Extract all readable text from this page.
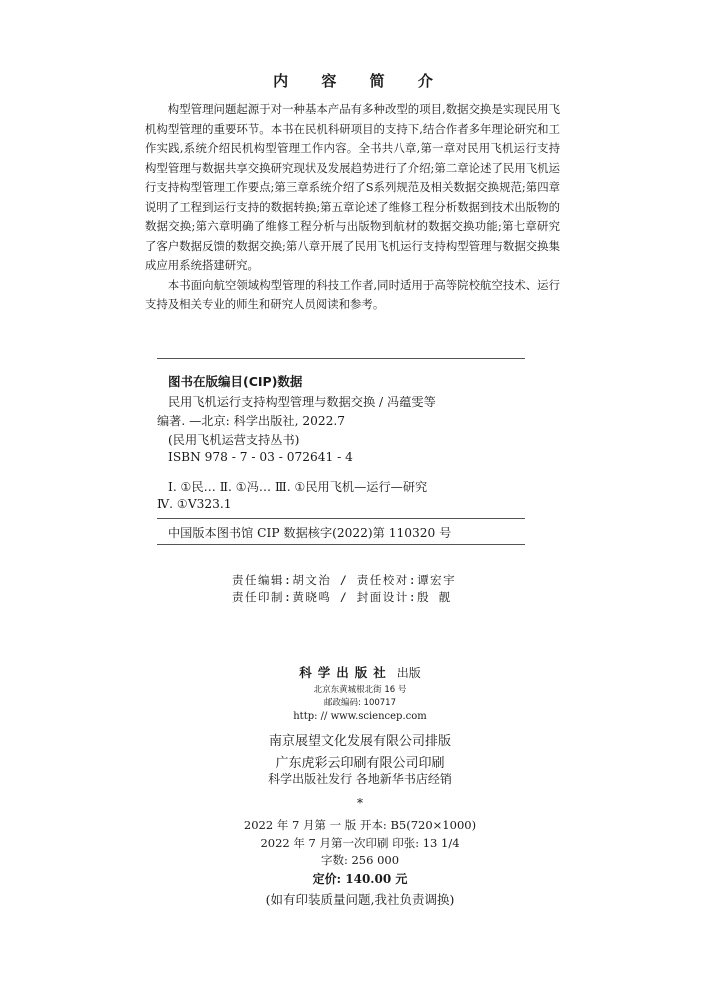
内 容 简 介

构型管理问题起源于对一种基本产品有多种改型的项目,数据交换是实现民用飞机构型管理的重要环节。本书在民机科研项目的支持下,结合作者多年理论研究和工作实践,系统介绍民机构型管理工作内容。全书共八章,第一章对民用飞机运行支持构型管理与数据共享交换研究现状及发展趋势进行了介绍;第二章论述了民用飞机运行支持构型管理工作要点;第三章系统介绍了S系列规范及相关数据交换规范;第四章说明了工程到运行支持的数据转换;第五章论述了维修工程分析数据到技术出版物的数据交换;第六章明确了维修工程分析与出版物到航材的数据交换功能;第七章研究了客户数据反馈的数据交换;第八章开展了民用飞机运行支持构型管理与数据交换集成应用系统搭建研究。

本书面向航空领域构型管理的科技工作者,同时适用于高等院校航空技术、运行支持及相关专业的师生和研究人员阅读和参考。

图书在版编目(CIP)数据
民用飞机运行支持构型管理与数据交换 / 冯蕴雯等
编著. —北京: 科学出版社, 2022.7
(民用飞机运营支持丛书)
ISBN 978 - 7 - 03 - 072641 - 4
Ⅰ. ①民… Ⅱ. ①冯… Ⅲ. ①民用飞机—运行—研究
Ⅳ. ①V323.1
中国版本图书馆 CIP 数据核字(2022)第 110320 号
责任编辑:胡文治 / 责任校对:谭宏宇
责任印制:黄晓鸣 / 封面设计:殷 靓
科学出版社 出版
北京东黄城根北街 16 号
邮政编码: 100717
http: // www.sciencep.com
南京展望文化发展有限公司排版
广东虎彩云印刷有限公司印刷
科学出版社发行 各地新华书店经销
*
2022 年 7 月第 一 版 开本: B5(720×1000)
2022 年 7 月第一次印刷 印张: 13 1/4
字数: 256 000
定价: 140.00 元
(如有印装质量问题,我社负责调换)
